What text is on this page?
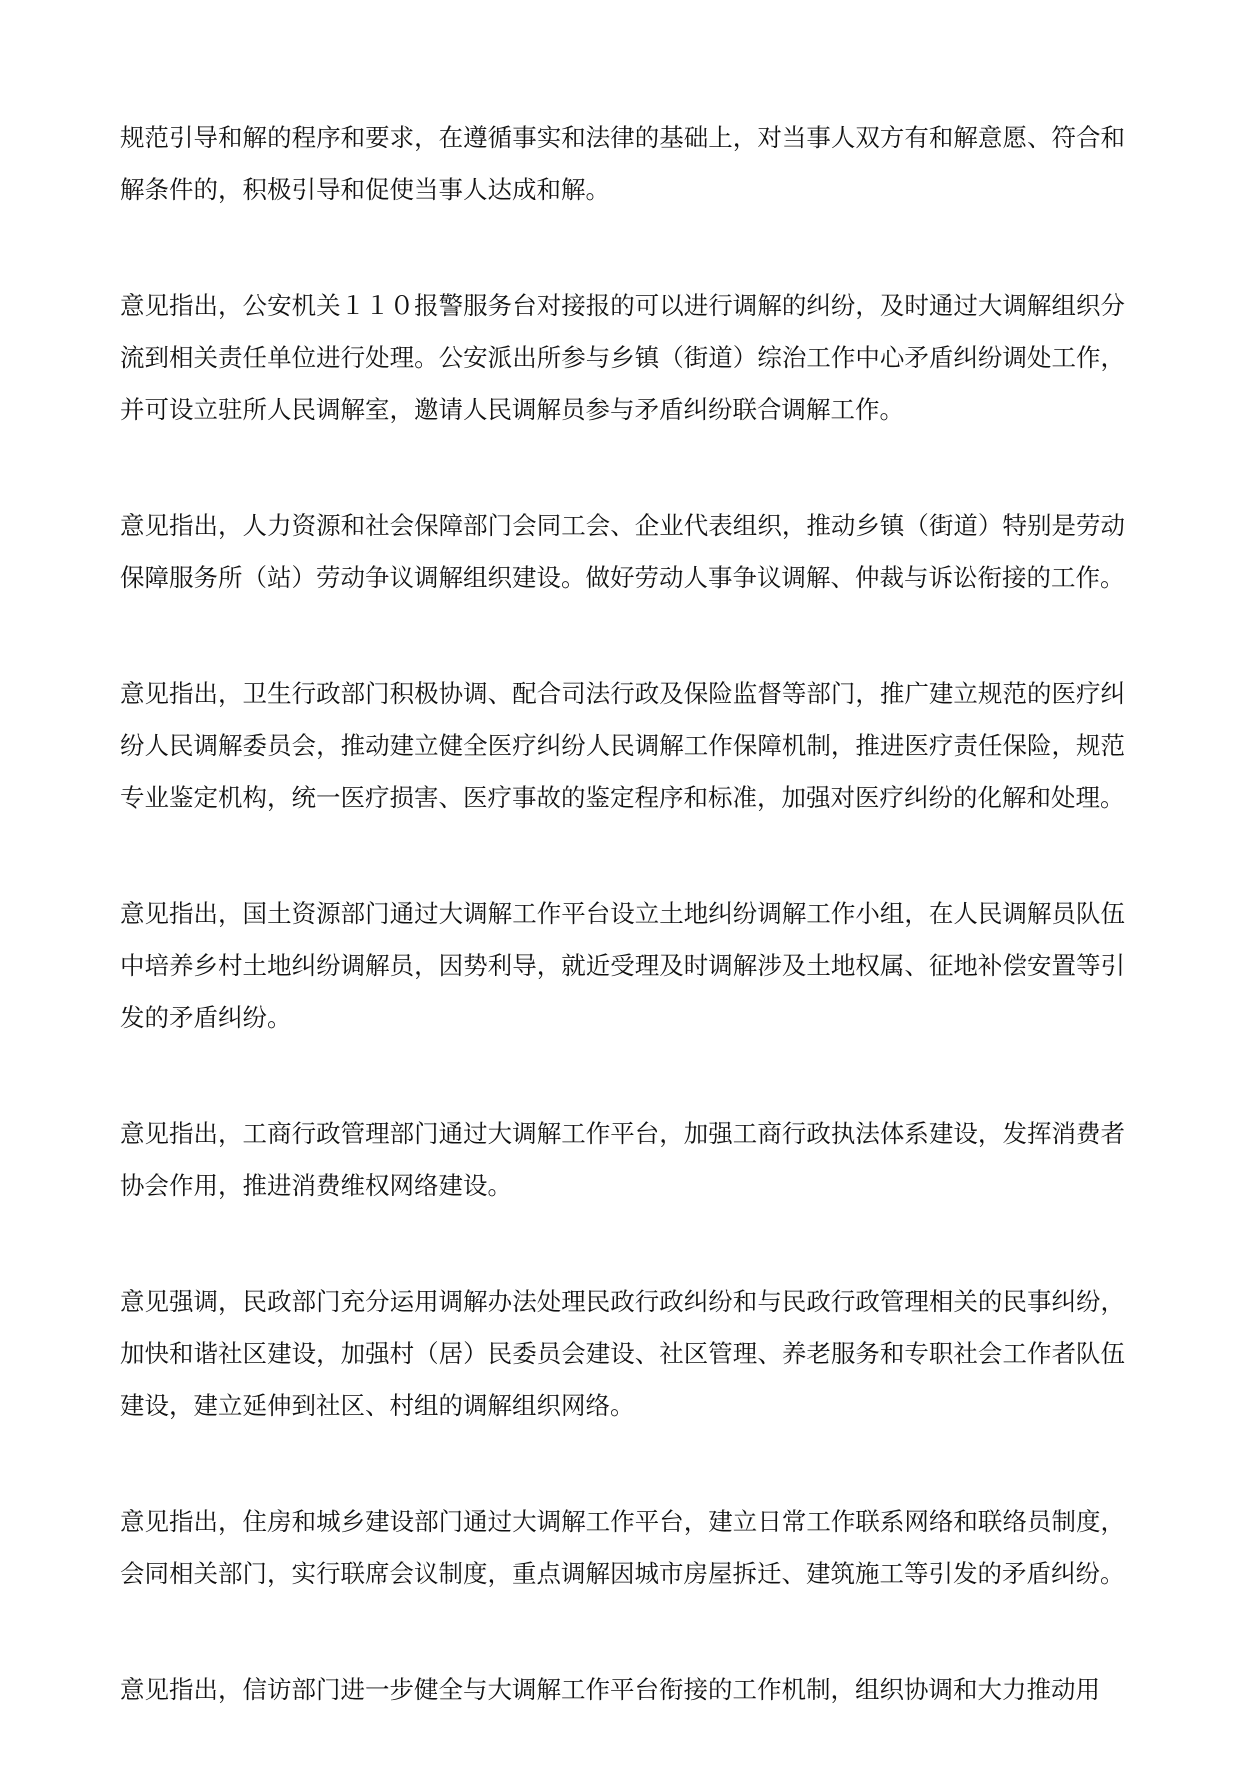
规范引导和解的程序和要求，在遵循事实和法律的基础上，对当事人双方有和解意愿、符合和解条件的，积极引导和促使当事人达成和解。

意见指出，公安机关１１０报警服务台对接报的可以进行调解的纠纷，及时通过大调解组织分流到相关责任单位进行处理。公安派出所参与乡镇（街道）综治工作中心矛盾纠纷调处工作，并可设立驻所人民调解室，邀请人民调解员参与矛盾纠纷联合调解工作。

意见指出，人力资源和社会保障部门会同工会、企业代表组织，推动乡镇（街道）特别是劳动保障服务所（站）劳动争议调解组织建设。做好劳动人事争议调解、仲裁与诉讼衔接的工作。

意见指出，卫生行政部门积极协调、配合司法行政及保险监督等部门，推广建立规范的医疗纠纷人民调解委员会，推动建立健全医疗纠纷人民调解工作保障机制，推进医疗责任保险，规范专业鉴定机构，统一医疗损害、医疗事故的鉴定程序和标准，加强对医疗纠纷的化解和处理。

意见指出，国土资源部门通过大调解工作平台设立土地纠纷调解工作小组，在人民调解员队伍中培养乡村土地纠纷调解员，因势利导，就近受理及时调解涉及土地权属、征地补偿安置等引发的矛盾纠纷。

意见指出，工商行政管理部门通过大调解工作平台，加强工商行政执法体系建设，发挥消费者协会作用，推进消费维权网络建设。

意见强调，民政部门充分运用调解办法处理民政行政纠纷和与民政行政管理相关的民事纠纷，加快和谐社区建设，加强村（居）民委员会建设、社区管理、养老服务和专职社会工作者队伍建设，建立延伸到社区、村组的调解组织网络。

意见指出，住房和城乡建设部门通过大调解工作平台，建立日常工作联系网络和联络员制度，会同相关部门，实行联席会议制度，重点调解因城市房屋拆迁、建筑施工等引发的矛盾纠纷。

意见指出，信访部门进一步健全与大调解工作平台衔接的工作机制，组织协调和大力推动用
